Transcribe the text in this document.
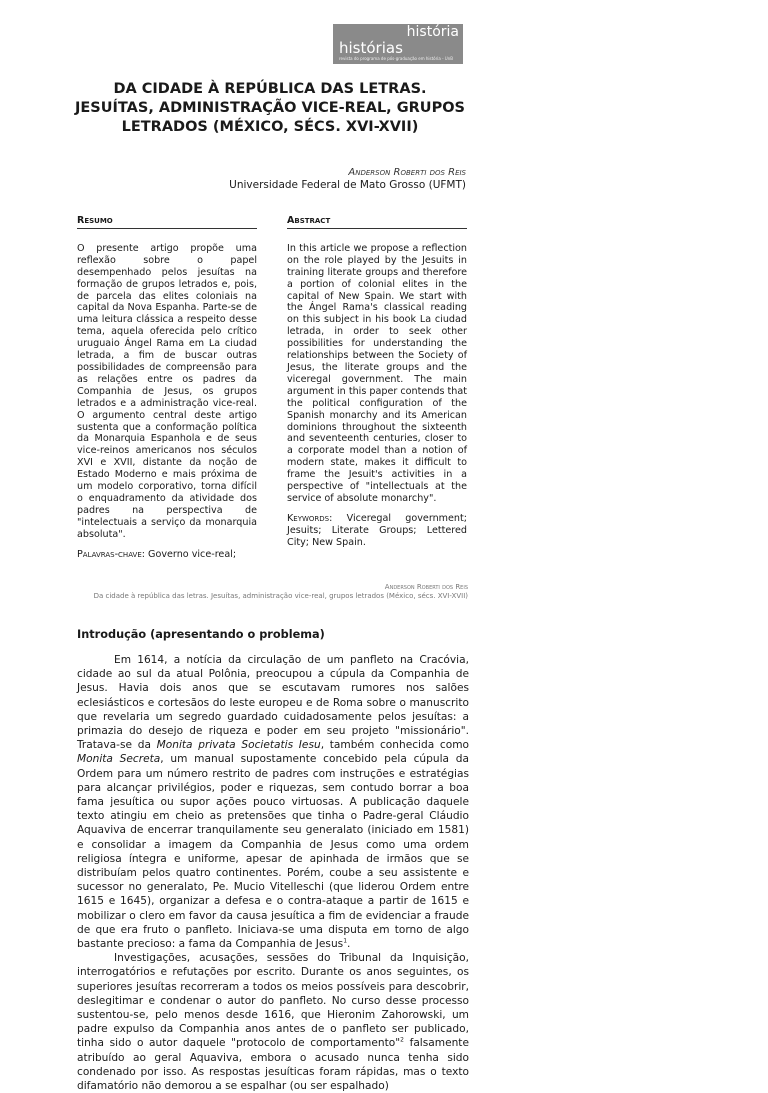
história
histórias
revista do programa de pós-graduação em história - UnB
DA CIDADE À REPÚBLICA DAS LETRAS.
JESUÍTAS, ADMINISTRAÇÃO VICE-REAL, GRUPOS
LETRADOS (MÉXICO, SÉCS. XVI-XVII)
Anderson Roberti dos Reis
Universidade Federal de Mato Grosso (UFMT)
Resumo

O presente artigo propõe uma reflexão sobre o papel desempenhado pelos jesuítas na formação de grupos letrados e, pois, de parcela das elites coloniais na capital da Nova Espanha. Parte-se de uma leitura clássica a respeito desse tema, aquela oferecida pelo crítico uruguaio Ángel Rama em La ciudad letrada, a fim de buscar outras possibilidades de compreensão para as relações entre os padres da Companhia de Jesus, os grupos letrados e a administração vice-real. O argumento central deste artigo sustenta que a conformação política da Monarquia Espanhola e de seus vice-reinos americanos nos séculos XVI e XVII, distante da noção de Estado Moderno e mais próxima de um modelo corporativo, torna difícil o enquadramento da atividade dos padres na perspectiva de "intelectuais a serviço da monarquia absoluta".

Palavras-chave: Governo vice-real;

Abstract

In this article we propose a reflection on the role played by the Jesuits in training literate groups and therefore a portion of colonial elites in the capital of New Spain. We start with the Ángel Rama's classical reading on this subject in his book La ciudad letrada, in order to seek other possibilities for understanding the relationships between the Society of Jesus, the literate groups and the viceregal government. The main argument in this paper contends that the political configuration of the Spanish monarchy and its American dominions throughout the sixteenth and seventeenth centuries, closer to a corporate model than a notion of modern state, makes it difficult to frame the Jesuit's activities in a perspective of "intellectuals at the service of absolute monarchy".

Keywords: Viceregal government; Jesuits; Literate Groups; Lettered City; New Spain.

Anderson Roberti dos Reis
Da cidade à república das letras. Jesuítas, administração vice-real, grupos letrados (México, sécs. XVI-XVII)
Introdução (apresentando o problema)

Em 1614, a notícia da circulação de um panfleto na Cracóvia, cidade ao sul da atual Polônia, preocupou a cúpula da Companhia de Jesus. Havia dois anos que se escutavam rumores nos salões eclesiásticos e cortesãos do leste europeu e de Roma sobre o manuscrito que revelaria um segredo guardado cuidadosamente pelos jesuítas: a primazia do desejo de riqueza e poder em seu projeto "missionário". Tratava-se da Monita privata Societatis Iesu, também conhecida como Monita Secreta, um manual supostamente concebido pela cúpula da Ordem para um número restrito de padres com instruções e estratégias para alcançar privilégios, poder e riquezas, sem contudo borrar a boa fama jesuítica ou supor ações pouco virtuosas. A publicação daquele texto atingiu em cheio as pretensões que tinha o Padre-geral Cláudio Aquaviva de encerrar tranquilamente seu generalato (iniciado em 1581) e consolidar a imagem da Companhia de Jesus como uma ordem religiosa íntegra e uniforme, apesar de apinhada de irmãos que se distribuíam pelos quatro continentes. Porém, coube a seu assistente e sucessor no generalato, Pe. Mucio Vitelleschi (que liderou Ordem entre 1615 e 1645), organizar a defesa e o contra-ataque a partir de 1615 e mobilizar o clero em favor da causa jesuítica a fim de evidenciar a fraude de que era fruto o panfleto. Iniciava-se uma disputa em torno de algo bastante precioso: a fama da Companhia de Jesus$^1$.

Investigações, acusações, sessões do Tribunal da Inquisição, interrogatórios e refutações por escrito. Durante os anos seguintes, os superiores jesuítas recorreram a todos os meios possíveis para descobrir, deslegitimar e condenar o autor do panfleto. No curso desse processo sustentou-se, pelo menos desde 1616, que Hieronim Zahorowski, um padre expulso da Companhia anos antes de o panfleto ser publicado, tinha sido o autor daquele "protocolo de comportamento"$^2$ falsamente atribuído ao geral Aquaviva, embora o acusado nunca tenha sido condenado por isso. As respostas jesuíticas foram rápidas, mas o texto difamatório não demorou a se espalhar (ou ser espalhado)
